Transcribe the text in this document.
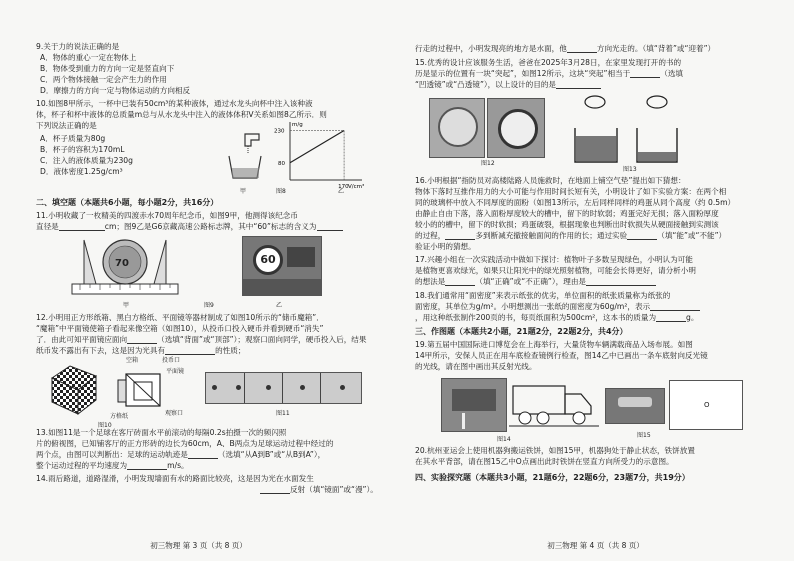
9.关于力的说法正确的是
A．物体的重心一定在物体上
B．物体受到重力的方向一定是竖直向下
C．两个物体接触一定会产生力的作用
D．摩擦力的方向一定与物体运动的方向相反
10.如图8甲所示，一杯中已装有50cm³的某种液体，通过水龙头向杯中注入该种液
体，杯子和杯中液体的总质量m总与从水龙头中注入的液体体积V关系如图8乙所示．则
下列说法正确的是
A．杯子质量为80g
B．杯子的容积为170mL
C．注入的液体质量为230g
D．液体密度1.25g/cm³
甲
m/g
V/cm³
230
80
170
图8	乙
二、填空题（本题共6小题，每小题2分，共16分）
11.小明收藏了一枚精美的四渡赤水70周年纪念币，如图9甲，他测得该纪念币
直径是	cm；图9乙是G6京藏高速公路标志牌，其中“60”标志的含义为
70
甲
60
乙
图9
12.小明用正方形纸箱、黑白方格纸、平面镜等器材制成了如图10所示的“储币魔箱”．
“魔箱”中平面镜使箱子看起来像空箱（如图10），从投币口投入硬币并看到硬币“消失”
了．由此可知平面镜应面向	（选填“背面”或“顶部”）；观察口面向同学，硬币投入后，结果
纸币发不露出有下去，这是因为光具有	的性质；
空箱	投币口
平面镜
方格纸	观察口
图10
图11
13.如图11是一个足球在客厅砖面水平前滚动的每隔0.2s拍摄一次的频闪照
片的俯视图，已知铺客厅的正方形砖的边长为60cm，A、B两点为足球运动过程中经过的
两个点，由图可以判断出：足球的运动轨迹是	（选填“从A到B”或“从B到A”），
整个运动过程的平均速度为	m/s。
14.雨后路道，道路湿滑，小明发现墙面有水的路面比较亮，这是因为光在水面发生
反射（填“镜面”或“漫”）。
初三物理 第 3 页（共 8 页）
行走的过程中，小明发现亮的地方是水面，他	方向光走的。（填“背着”或“迎着”）
15.优秀的设计应该服务生活，爸爸在2025年3月28日，在家里发现打开的书的
历是显示的位置有一块“突起”，如图12所示，这块“突起”相当于	（选填
“凹透镜”或“凸透镜”），以上设计的目的是
图12
图13
16.小明根据“指防员对高楼陆路人员施救时，在地面上铺空气垫”提出如下猜想：
物体下落时互推作用力的大小可能与作用时间长短有关，小明设计了如下实验方案：在两个相
同的玻璃杯中放入不同厚度的面粉（如图13所示，左后同样同样的鸡蛋从同个高度（约 0.5m）
由静止自由下落，落入面粉厚度较大的槽中，留下的时软弱；鸡蛋完好无损；落入面粉厚度
较小的的槽中，留下的时软损；鸡蛋破裂，根据现象也判断出时软损失从硬面接触到实测该
的过程，	多到断减充撤接触面间的作用的长；通过实验	（填“能”或“不能”）
验证小明的猜想。
17.兴趣小组在一次实践活动中做如下探讨：植物叶子多数呈现绿色，小明认为可能
是植物更喜欢绿光，如果只让阳光中的绿光照射植物，可能会长得更好，请分析小明
的想法是	（填“正确”或“不正确”），理由是
18.我们通常用“面密度”来表示纸张的优劣，单位面积的纸张质量称为纸张的
面密度，其单位为g/m²。小明想测出一张纸的面密度为60g/m²，表示
，用这种纸张制作200页的书，每页纸面积为500cm²，这本书的质量为	g。
三、作图题（本题共2小题，21题2分，22题2分，共4分）
19.第五届中国国际进口博览会在上海举行，大量货物车辆满载商品入场布展。如图
14甲所示，安保人员正在用车底检查镜例行检查，图14乙中已画出一条车底射向反光镜
的光线，请在图中画出其反射光线。
图14
O
图15
20.杭州亚运会上使用机器狗搬运铁饼，如图15甲，机器狗处于静止状态，铁饼放置
在其水平背部，请在图15乙中O点画出此时铁饼在竖直方向所受力的示意图。
四、实验探究题（本题共3小题，21题6分，22题6分，23题7分，共19分）
初三物理 第 4 页（共 8 页）
